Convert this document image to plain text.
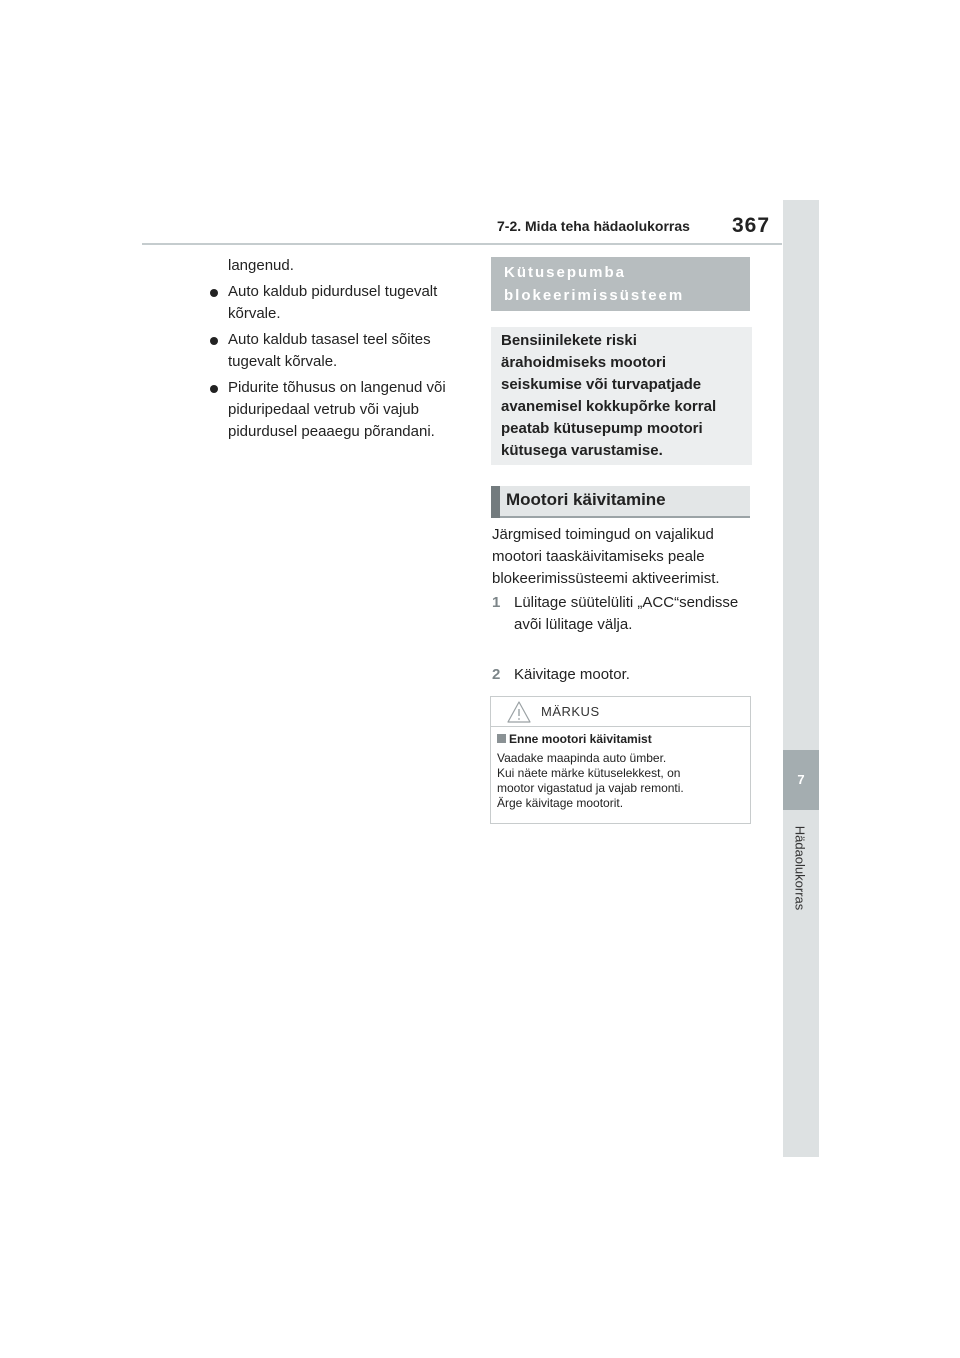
7-2. Mida teha hädaolukorras 367
7
Hädaolukorras
langenud.
Auto kaldub pidurdusel tugevalt kõrvale.
Auto kaldub tasasel teel sõites tugevalt kõrvale.
Pidurite tõhusus on langenud või piduripedaal vetrub või vajub pidurdusel peaaegu põrandani.
Kütusepumba blokeerimissüsteem
Bensiinilekete riski ärahoidmiseks mootori seiskumise või turvapatjade avanemisel kokkupõrke korral peatab kütusepump mootori kütusega varustamise.
Mootori käivitamine
Järgmised toimingud on vajalikud mootori taaskäivitamiseks peale blokeerimissüsteemi aktiveerimist.
1 Lülitage süütelüliti „ACC“sendisse avõi lülitage välja.
2 Käivitage mootor.
MÄRKUS
Enne mootori käivitamist
Vaadake maapinda auto ümber.
Kui näete märke kütuselekkest, on
mootor vigastatud ja vajab remonti.
Ärge käivitage mootorit.
